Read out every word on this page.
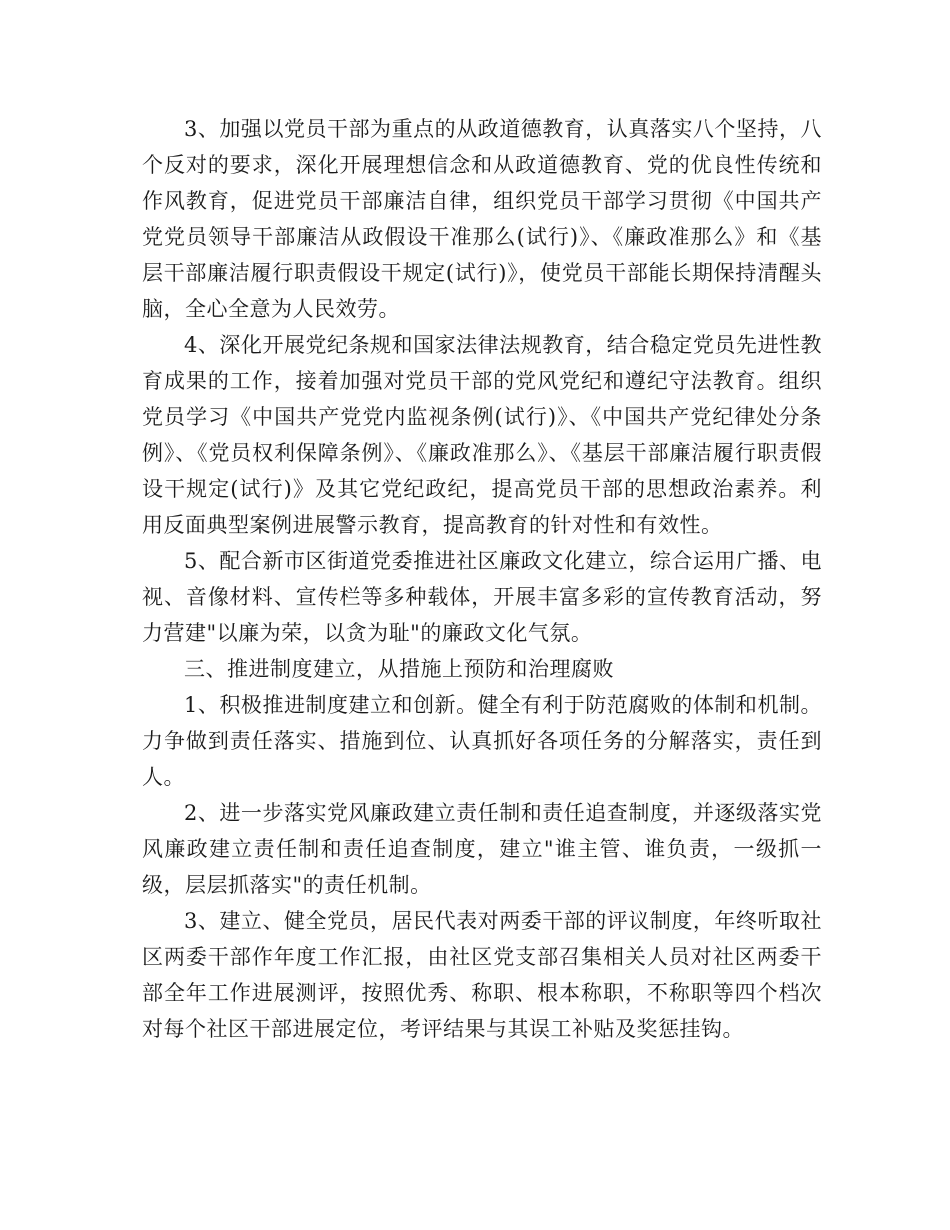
3、加强以党员干部为重点的从政道德教育，认真落实八个坚持，八个反对的要求，深化开展理想信念和从政道德教育、党的优良性传统和作风教育，促进党员干部廉洁自律，组织党员干部学习贯彻《中国共产党党员领导干部廉洁从政假设干准那么(试行)》、《廉政准那么》和《基层干部廉洁履行职责假设干规定(试行)》，使党员干部能长期保持清醒头脑，全心全意为人民效劳。

4、深化开展党纪条规和国家法律法规教育，结合稳定党员先进性教育成果的工作，接着加强对党员干部的党风党纪和遵纪守法教育。组织党员学习《中国共产党党内监视条例(试行)》、《中国共产党纪律处分条例》、《党员权利保障条例》、《廉政准那么》、《基层干部廉洁履行职责假设干规定(试行)》及其它党纪政纪，提高党员干部的思想政治素养。利用反面典型案例进展警示教育，提高教育的针对性和有效性。

5、配合新市区街道党委推进社区廉政文化建立，综合运用广播、电视、音像材料、宣传栏等多种载体，开展丰富多彩的宣传教育活动，努力营建"以廉为荣，以贪为耻"的廉政文化气氛。

三、推进制度建立，从措施上预防和治理腐败

1、积极推进制度建立和创新。健全有利于防范腐败的体制和机制。力争做到责任落实、措施到位、认真抓好各项任务的分解落实，责任到人。

2、进一步落实党风廉政建立责任制和责任追查制度，并逐级落实党风廉政建立责任制和责任追查制度，建立"谁主管、谁负责，一级抓一级，层层抓落实"的责任机制。

3、建立、健全党员，居民代表对两委干部的评议制度，年终听取社区两委干部作年度工作汇报，由社区党支部召集相关人员对社区两委干部全年工作进展测评，按照优秀、称职、根本称职，不称职等四个档次对每个社区干部进展定位，考评结果与其误工补贴及奖惩挂钩。
